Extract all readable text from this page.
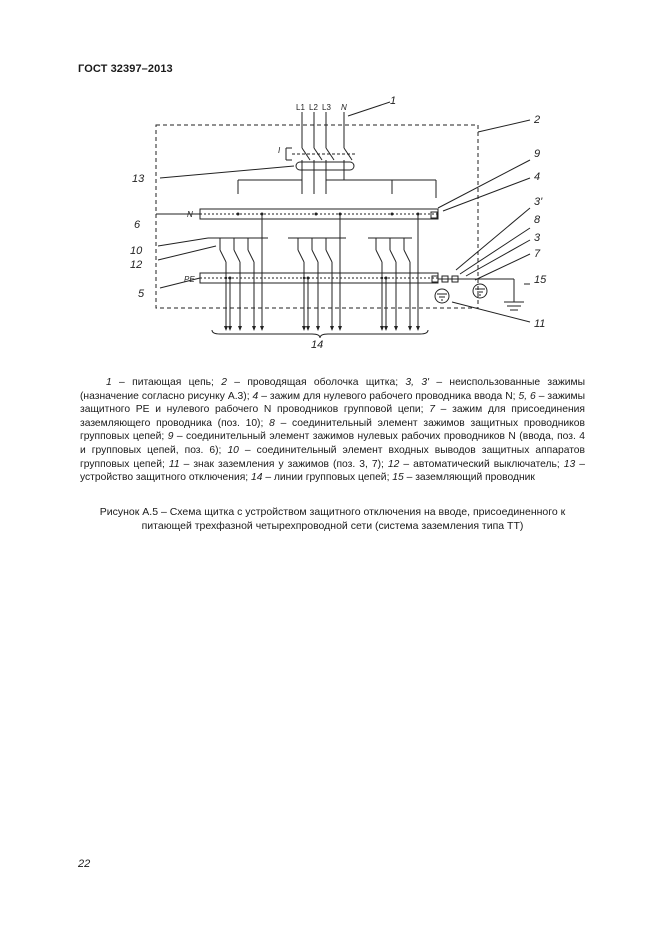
ГОСТ 32397–2013
L1 L2 L3 N
I
N
PE
1
2
9
4
3'
8
3
7
15
11
13
6
10
12
5
14
1 – питающая цепь; 2 – проводящая оболочка щитка; 3, 3' – неиспользованные зажимы (назначение согласно рисунку А.3); 4 – зажим для нулевого рабочего проводника ввода N; 5, 6 – зажимы защитного PE и нулевого рабочего N проводников групповой цепи; 7 – зажим для присоединения заземляющего проводника (поз. 10); 8 – соединительный элемент зажимов защитных проводников групповых цепей; 9 – соединительный элемент зажимов нулевых рабочих проводников N (ввода, поз. 4 и групповых цепей, поз. 6); 10 – соединительный элемент входных выводов защитных аппаратов групповых цепей; 11 – знак заземления у зажимов (поз. 3, 7); 12 – автоматический выключатель; 13 – устройство защитного отключения; 14 – линии групповых цепей; 15 – заземляющий проводник
Рисунок А.5 – Схема щитка с устройством защитного отключения на вводе, присоединенного к
питающей трехфазной четырехпроводной сети (система заземления типа ТТ)
22
